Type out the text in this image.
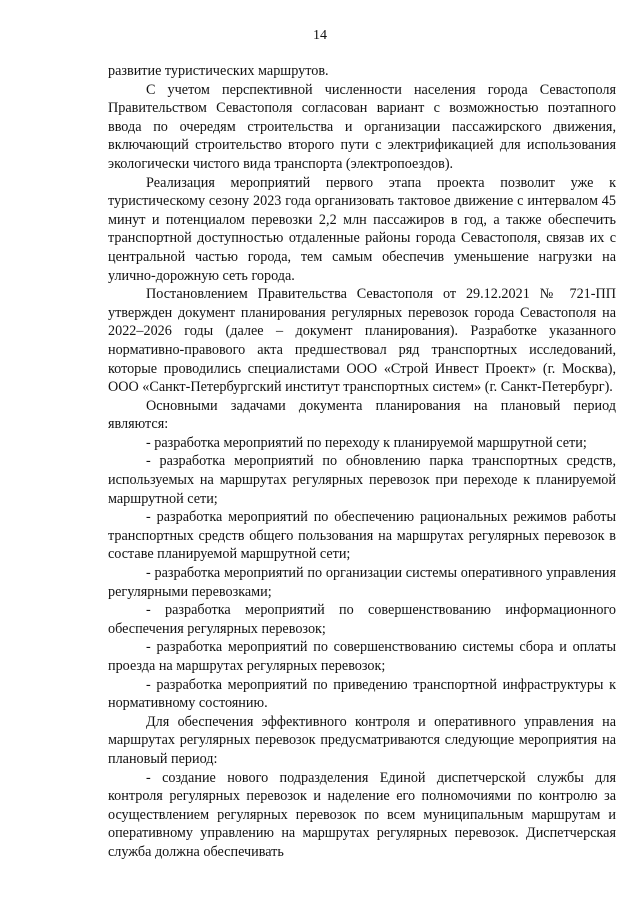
14

развитие туристических маршрутов.

С учетом перспективной численности населения города Севастополя Правительством Севастополя согласован вариант с возможностью поэтапного ввода по очередям строительства и организации пассажирского движения, включающий строительство второго пути с электрификацией для использования экологически чистого вида транспорта (электропоездов).

Реализация мероприятий первого этапа проекта позволит уже к туристическому сезону 2023 года организовать тактовое движение с интервалом 45 минут и потенциалом перевозки 2,2 млн пассажиров в год, а также обеспечить транспортной доступностью отдаленные районы города Севастополя, связав их с центральной частью города, тем самым обеспечив уменьшение нагрузки на улично-дорожную сеть города.

Постановлением Правительства Севастополя от 29.12.2021 № 721-ПП утвержден документ планирования регулярных перевозок города Севастополя на 2022–2026 годы (далее – документ планирования). Разработке указанного нормативно-правового акта предшествовал ряд транспортных исследований, которые проводились специалистами ООО «Строй Инвест Проект» (г. Москва), ООО «Санкт-Петербургский институт транспортных систем» (г. Санкт-Петербург).

Основными задачами документа планирования на плановый период являются:

- разработка мероприятий по переходу к планируемой маршрутной сети;

- разработка мероприятий по обновлению парка транспортных средств, используемых на маршрутах регулярных перевозок при переходе к планируемой маршрутной сети;

- разработка мероприятий по обеспечению рациональных режимов работы транспортных средств общего пользования на маршрутах регулярных перевозок в составе планируемой маршрутной сети;

- разработка мероприятий по организации системы оперативного управления регулярными перевозками;

- разработка мероприятий по совершенствованию информационного обеспечения регулярных перевозок;

- разработка мероприятий по совершенствованию системы сбора и оплаты проезда на маршрутах регулярных перевозок;

- разработка мероприятий по приведению транспортной инфраструктуры к нормативному состоянию.

Для обеспечения эффективного контроля и оперативного управления на маршрутах регулярных перевозок предусматриваются следующие мероприятия на плановый период:

- создание нового подразделения Единой диспетчерской службы для контроля регулярных перевозок и наделение его полномочиями по контролю за осуществлением регулярных перевозок по всем муниципальным маршрутам и оперативному управлению на маршрутах регулярных перевозок. Диспетчерская служба должна обеспечивать
